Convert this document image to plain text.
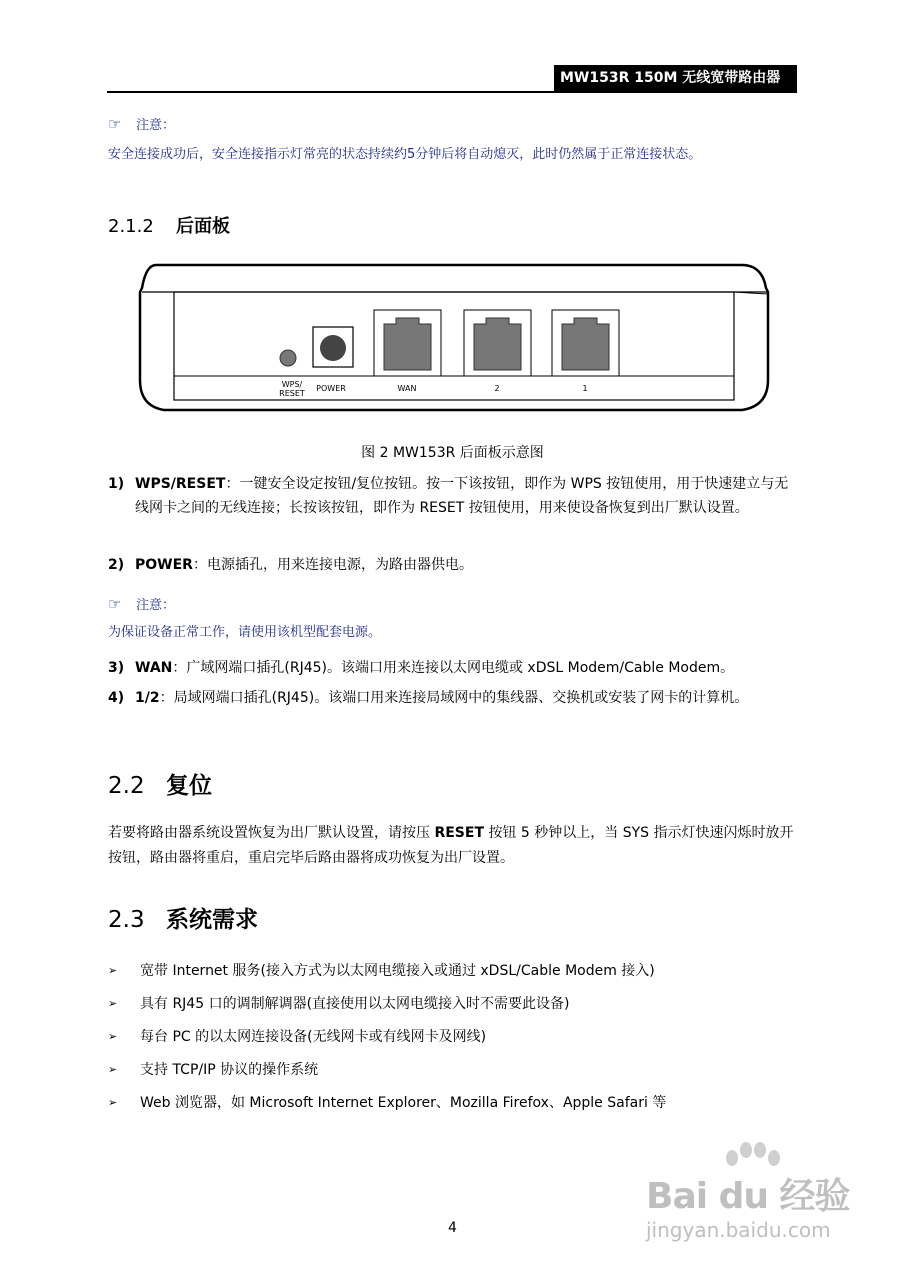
MW153R 150M 无线宽带路由器
☞	注意：
安全连接成功后，安全连接指示灯常亮的状态持续约5分钟后将自动熄灭，此时仍然属于正常连接状态。
2.1.2 后面板
WPS/
RESET
POWER	WAN	2	1
图 2 MW153R 后面板示意图
1) WPS/RESET：一键安全设定按钮/复位按钮。按一下该按钮，即作为 WPS 按钮使用，用于快速建立与无线网卡之间的无线连接；长按该按钮，即作为 RESET 按钮使用，用来使设备恢复到出厂默认设置。
2) POWER：电源插孔，用来连接电源，为路由器供电。
☞	注意：
为保证设备正常工作，请使用该机型配套电源。
3) WAN：广域网端口插孔(RJ45)。该端口用来连接以太网电缆或 xDSL Modem/Cable Modem。
4) 1/2：局域网端口插孔(RJ45)。该端口用来连接局域网中的集线器、交换机或安装了网卡的计算机。
2.2 复位
若要将路由器系统设置恢复为出厂默认设置，请按压 RESET 按钮 5 秒钟以上，当 SYS 指示灯快速闪烁时放开按钮，路由器将重启，重启完毕后路由器将成功恢复为出厂设置。
2.3 系统需求
➢	宽带 Internet 服务(接入方式为以太网电缆接入或通过 xDSL/Cable Modem 接入)
➢	具有 RJ45 口的调制解调器(直接使用以太网电缆接入时不需要此设备)
➢	每台 PC 的以太网连接设备(无线网卡或有线网卡及网线)
➢	支持 TCP/IP 协议的操作系统
➢	Web 浏览器，如 Microsoft Internet Explorer、Mozilla Firefox、Apple Safari 等
Bai du 经验
jingyan.baidu.com
4
